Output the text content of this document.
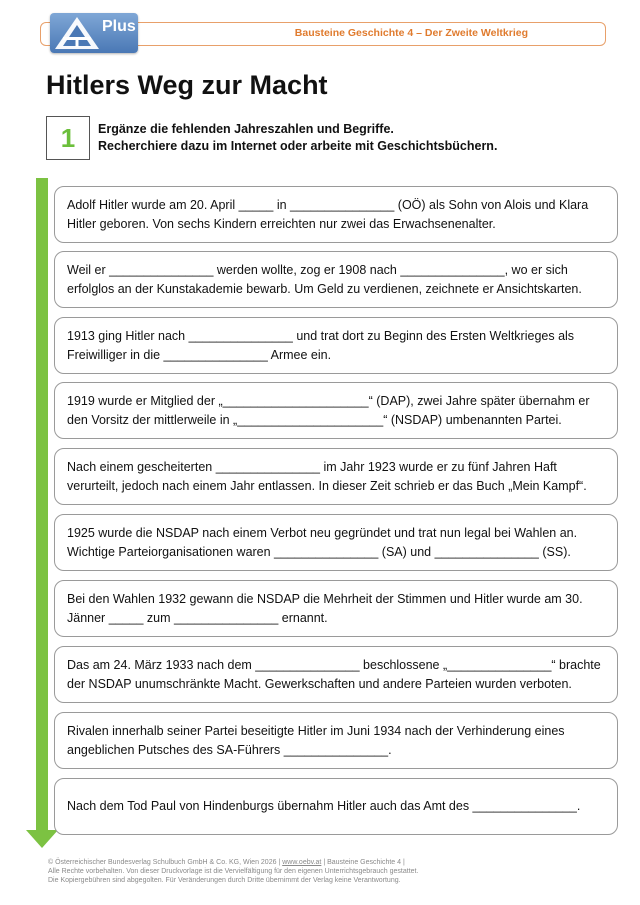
Bausteine Geschichte 4 – Der Zweite Weltkrieg
Plus
Hitlers Weg zur Macht
1	Ergänze die fehlenden Jahreszahlen und Begriffe.
Recherchiere dazu im Internet oder arbeite mit Geschichtsbüchern.
Adolf Hitler wurde am 20. April _____ in _______________ (OÖ) als Sohn von Alois und Klara Hitler geboren. Von sechs Kindern erreichten nur zwei das Erwachsenenalter.
Weil er _______________ werden wollte, zog er 1908 nach _______________, wo er sich erfolglos an der Kunstakademie bewarb. Um Geld zu verdienen, zeichnete er Ansichtskarten.
1913 ging Hitler nach _______________ und trat dort zu Beginn des Ersten Weltkrieges als Freiwilliger in die _______________ Armee ein.
1919 wurde er Mitglied der „_____________________“ (DAP), zwei Jahre später übernahm er den Vorsitz der mittlerweile in „_____________________“ (NSDAP) umbenannten Partei.
Nach einem gescheiterten _______________ im Jahr 1923 wurde er zu fünf Jahren Haft verurteilt, jedoch nach einem Jahr entlassen. In dieser Zeit schrieb er das Buch „Mein Kampf“.
1925 wurde die NSDAP nach einem Verbot neu gegründet und trat nun legal bei Wahlen an. Wichtige Parteiorganisationen waren _______________ (SA) und _______________ (SS).
Bei den Wahlen 1932 gewann die NSDAP die Mehrheit der Stimmen und Hitler wurde am 30. Jänner _____ zum _______________ ernannt.
Das am 24. März 1933 nach dem _______________ beschlossene „_______________“ brachte der NSDAP unumschränkte Macht. Gewerkschaften und andere Parteien wurden verboten.
Rivalen innerhalb seiner Partei beseitigte Hitler im Juni 1934 nach der Verhinderung eines angeblichen Putsches des SA-Führers _______________.
Nach dem Tod Paul von Hindenburgs übernahm Hitler auch das Amt des _______________.
© Österreichischer Bundesverlag Schulbuch GmbH & Co. KG, Wien 2026 | www.oebv.at | Bausteine Geschichte 4 |
Alle Rechte vorbehalten. Von dieser Druckvorlage ist die Vervielfältigung für den eigenen Unterrichtsgebrauch gestattet.
Die Kopiergebühren sind abgegolten. Für Veränderungen durch Dritte übernimmt der Verlag keine Verantwortung.
